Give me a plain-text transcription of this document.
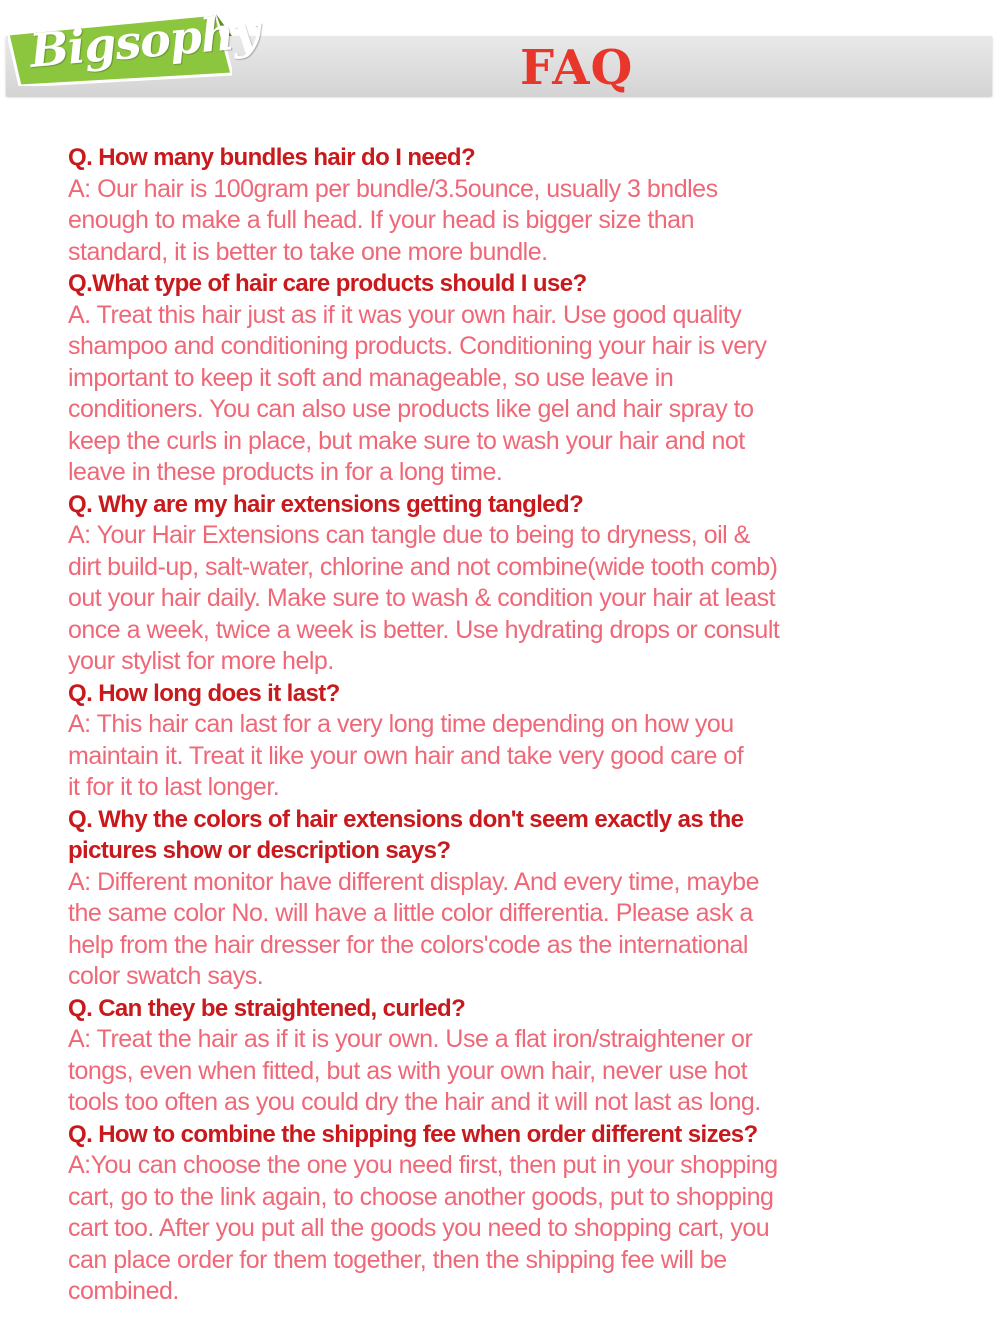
Bigsophy	FAQ
Q. How many bundles hair do I need?
A: Our hair is 100gram per bundle/3.5ounce, usually 3 bndles
enough to make a full head. If your head is bigger size than
standard, it is better to take one more bundle.
Q.What type of hair care products should I use?
A. Treat this hair just as if it was your own hair. Use good quality
shampoo and conditioning products. Conditioning your hair is very
important to keep it soft and manageable, so use leave in
conditioners. You can also use products like gel and hair spray to
keep the curls in place, but make sure to wash your hair and not
leave in these products in for a long time.
Q. Why are my hair extensions getting tangled?
A: Your Hair Extensions can tangle due to being to dryness, oil &
dirt build-up, salt-water, chlorine and not combine(wide tooth comb)
out your hair daily. Make sure to wash & condition your hair at least
once a week, twice a week is better. Use hydrating drops or consult
your stylist for more help.
Q. How long does it last?
A: This hair can last for a very long time depending on how you
maintain it. Treat it like your own hair and take very good care of
it for it to last longer.
Q. Why the colors of hair extensions don't seem exactly as the
pictures show or description says?
A: Different monitor have different display. And every time, maybe
the same color No. will have a little color differentia. Please ask a
help from the hair dresser for the colors'code as the international
color swatch says.
Q. Can they be straightened, curled?
A: Treat the hair as if it is your own. Use a flat iron/straightener or
tongs, even when fitted, but as with your own hair, never use hot
tools too often as you could dry the hair and it will not last as long.
Q. How to combine the shipping fee when order different sizes?
A:You can choose the one you need first, then put in your shopping
cart, go to the link again, to choose another goods, put to shopping
cart too. After you put all the goods you need to shopping cart, you
can place order for them together, then the shipping fee will be
combined.
